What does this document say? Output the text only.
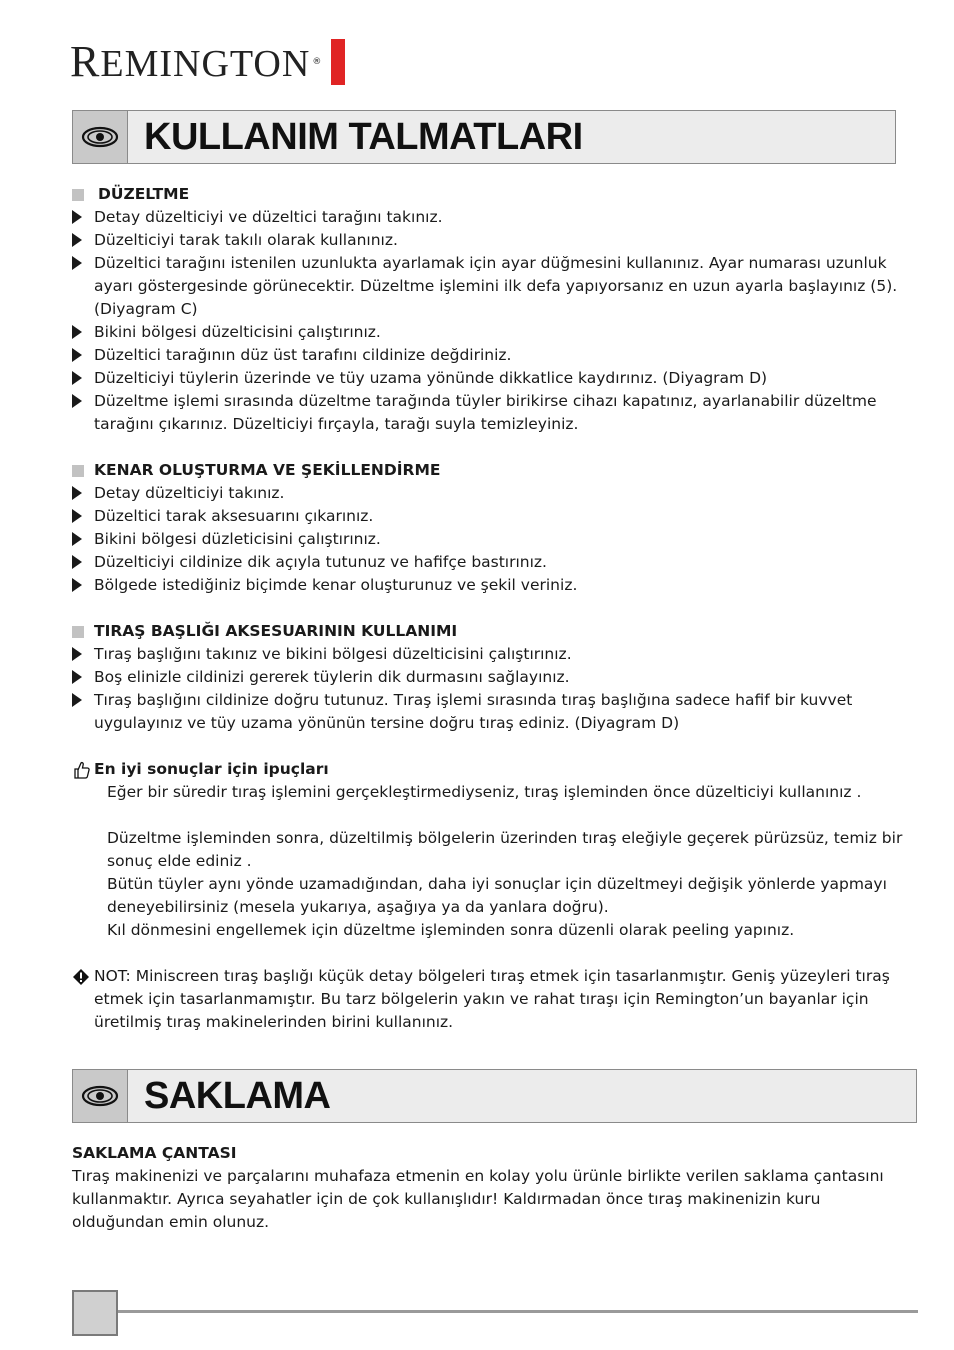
REMINGTON ®
KULLANIM TALMATLARI
DÜZELTME
Detay düzelticiyi ve düzeltici tarağını takınız.
Düzelticiyi tarak takılı olarak kullanınız.
Düzeltici tarağını istenilen uzunlukta ayarlamak için ayar düğmesini kullanınız. Ayar numarası uzunluk ayarı göstergesinde görünecektir. Düzeltme işlemini ilk defa yapıyorsanız en uzun ayarla başlayınız (5). (Diyagram C)
Bikini bölgesi düzelticisini çalıştırınız.
Düzeltici tarağının düz üst tarafını cildinize değdiriniz.
Düzelticiyi tüylerin üzerinde ve tüy uzama yönünde dikkatlice kaydırınız. (Diyagram D)
Düzeltme işlemi sırasında düzeltme tarağında tüyler birikirse cihazı kapatınız, ayarlanabilir düzeltme tarağını çıkarınız. Düzelticiyi fırçayla, tarağı suyla temizleyiniz.
KENAR OLUŞTURMA VE ŞEKİLLENDİRME
Detay düzelticiyi takınız.
Düzeltici tarak aksesuarını çıkarınız.
Bikini bölgesi düzleticisini çalıştırınız.
Düzelticiyi cildinize dik açıyla tutunuz ve hafifçe bastırınız.
Bölgede istediğiniz biçimde kenar oluşturunuz ve şekil veriniz.
TIRAŞ BAŞLIĞI AKSESUARININ KULLANIMI
Tıraş başlığını takınız ve bikini bölgesi düzelticisini çalıştırınız.
Boş elinizle cildinizi gererek tüylerin dik durmasını sağlayınız.
Tıraş başlığını cildinize doğru tutunuz. Tıraş işlemi sırasında tıraş başlığına sadece hafif bir kuvvet uygulayınız ve tüy uzama yönünün tersine doğru tıraş ediniz. (Diyagram D)
En iyi sonuçlar için ipuçları
Eğer bir süredir tıraş işlemini gerçekleştirmediyseniz, tıraş işleminden önce düzelticiyi kullanınız .
Düzeltme işleminden sonra, düzeltilmiş bölgelerin üzerinden tıraş eleğiyle geçerek pürüzsüz, temiz bir sonuç elde ediniz .
Bütün tüyler aynı yönde uzamadığından, daha iyi sonuçlar için düzeltmeyi değişik yönlerde yapmayı deneyebilirsiniz (mesela yukarıya, aşağıya ya da yanlara doğru).
Kıl dönmesini engellemek için düzeltme işleminden sonra düzenli olarak peeling yapınız.
NOT: Miniscreen tıraş başlığı küçük detay bölgeleri tıraş etmek için tasarlanmıştır. Geniş yüzeyleri tıraş etmek için tasarlanmamıştır. Bu tarz bölgelerin yakın ve rahat tıraşı için Remington’un bayanlar için üretilmiş tıraş makinelerinden birini kullanınız.
SAKLAMA
SAKLAMA ÇANTASI
Tıraş makinenizi ve parçalarını muhafaza etmenin en kolay yolu ürünle birlikte verilen saklama çantasını kullanmaktır. Ayrıca seyahatler için de çok kullanışlıdır! Kaldırmadan önce tıraş makinenizin kuru olduğundan emin olunuz.
